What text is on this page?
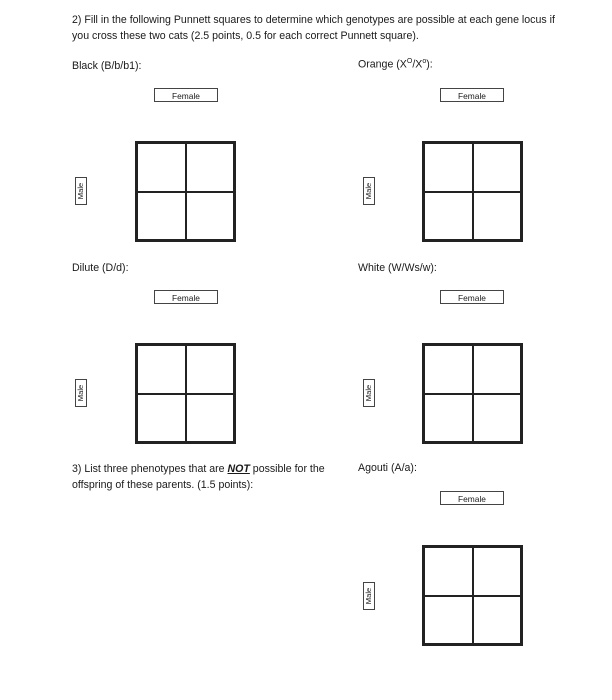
2) Fill in the following Punnett squares to determine which genotypes are possible at each gene locus if you cross these two cats (2.5 points, 0.5 for each correct Punnett square).
Black (B/b/b1):
Female
Male
Orange $(X^O/X^o)$:
Female
Male
Dilute (D/d):
Female
Male
White (W/Ws/w):
Female
Male
3) List three phenotypes that are NOT possible for the offspring of these parents. (1.5 points):
Agouti (A/a):
Female
Male
